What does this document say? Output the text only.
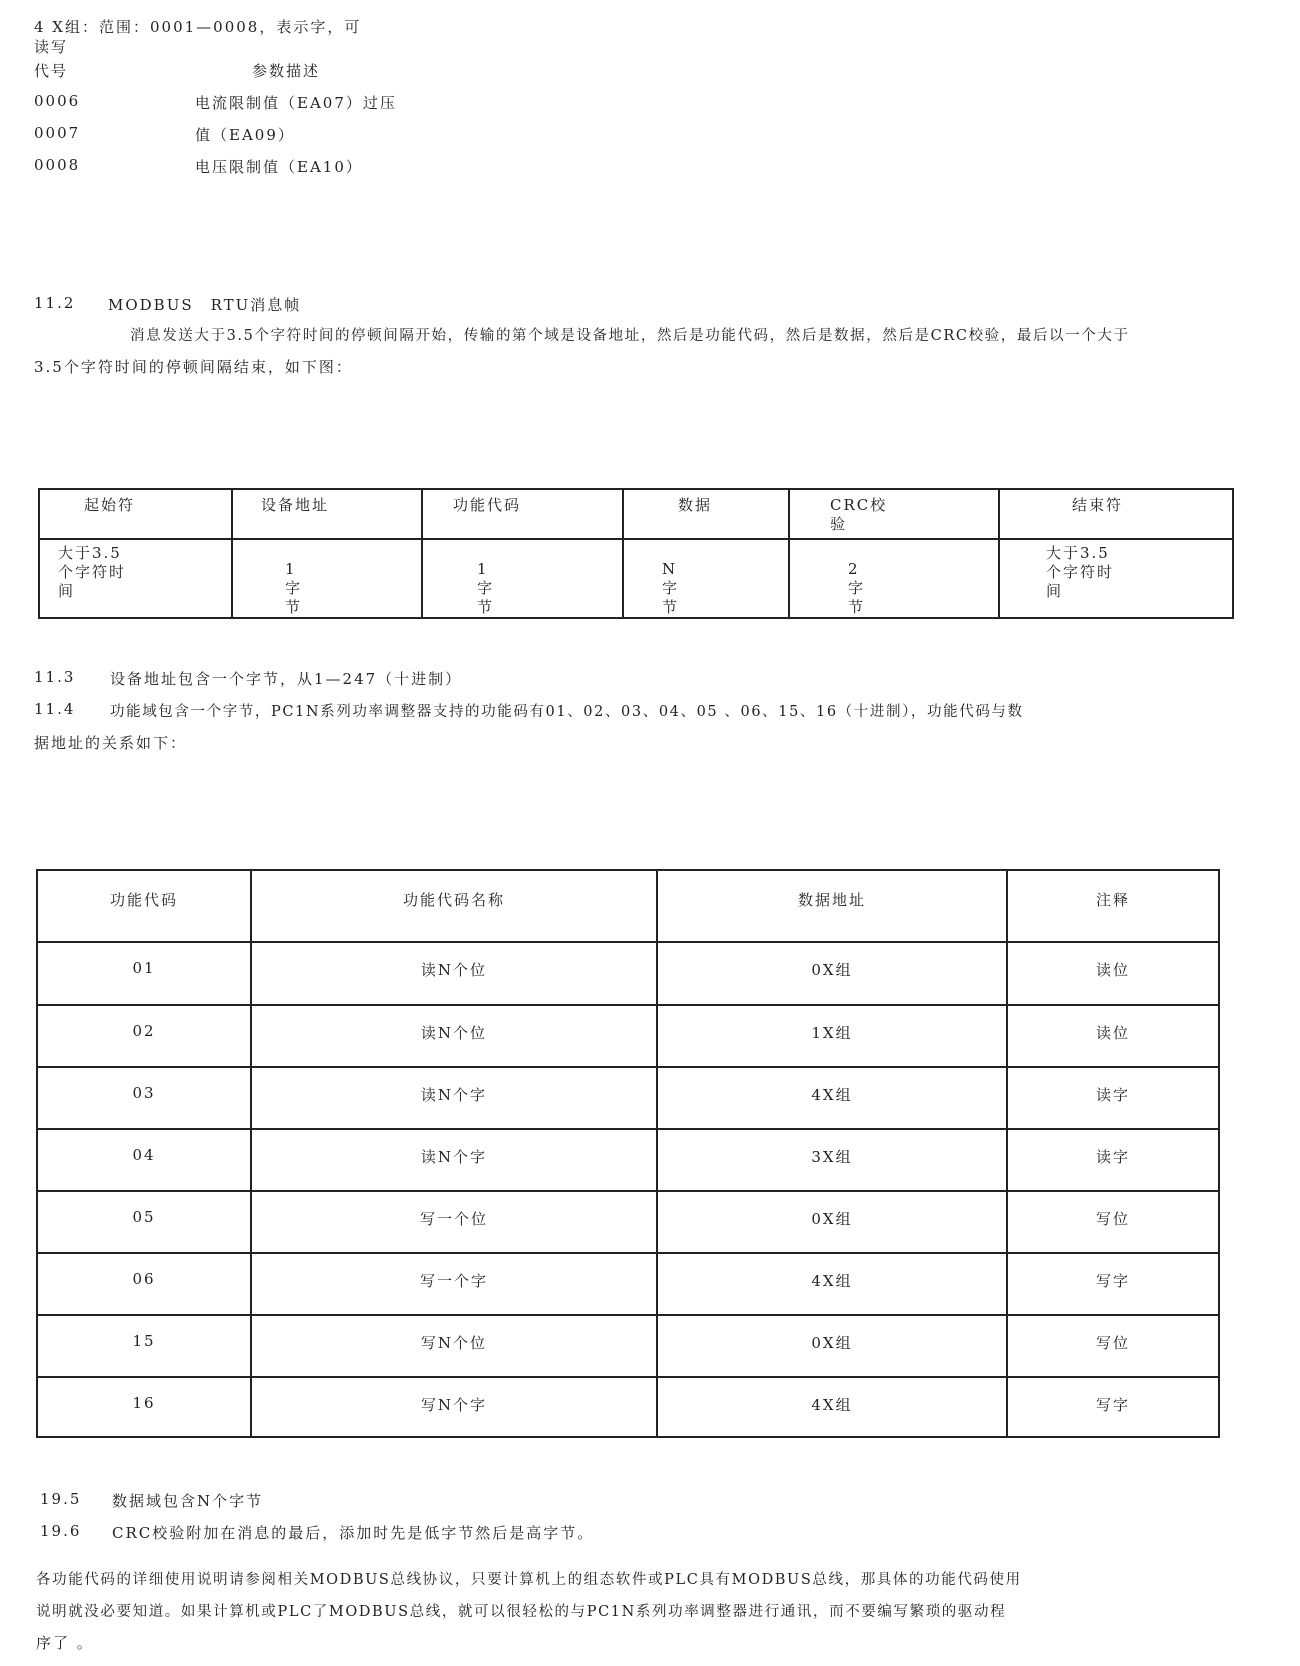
4 X组：范围：0001—0008，表示字，可
读写
代号	参数描述
0006	电流限制值（EA07）过压
0007	值（EA09）
0008	电压限制值（EA10）
11.2 MODBUS　RTU消息帧
消息发送大于3.5个字符时间的停顿间隔开始，传输的第个域是设备地址，然后是功能代码，然后是数据，然后是CRC校验，最后以一个大于
3.5个字符时间的停顿间隔结束，如下图：
起始符	设备地址	功能代码	数据	CRC校验	结束符

大于3.5个字符时间	1字节	1字节	N字节	2字节	大于3.5个字符时间
11.3 设备地址包含一个字节，从1—247（十进制）
11.4 功能域包含一个字节，PC1N系列功率调整器支持的功能码有01、02、03、04、05 、06、15、16（十进制），功能代码与数
据地址的关系如下：
功能代码	功能代码名称	数据地址	注释
01	读N个位	0X组	读位
02	读N个位	1X组	读位
03	读N个字	4X组	读字
04	读N个字	3X组	读字
05	写一个位	0X组	写位
06	写一个字	4X组	写字
15	写N个位	0X组	写位
16	写N个字	4X组	写字
19.5 数据域包含N个字节
19.6 CRC校验附加在消息的最后，添加时先是低字节然后是高字节。
各功能代码的详细使用说明请参阅相关MODBUS总线协议，只要计算机上的组态软件或PLC具有MODBUS总线，那具体的功能代码使用
说明就没必要知道。如果计算机或PLC了MODBUS总线，就可以很轻松的与PC1N系列功率调整器进行通讯，而不要编写繁琐的驱动程
序了 。
